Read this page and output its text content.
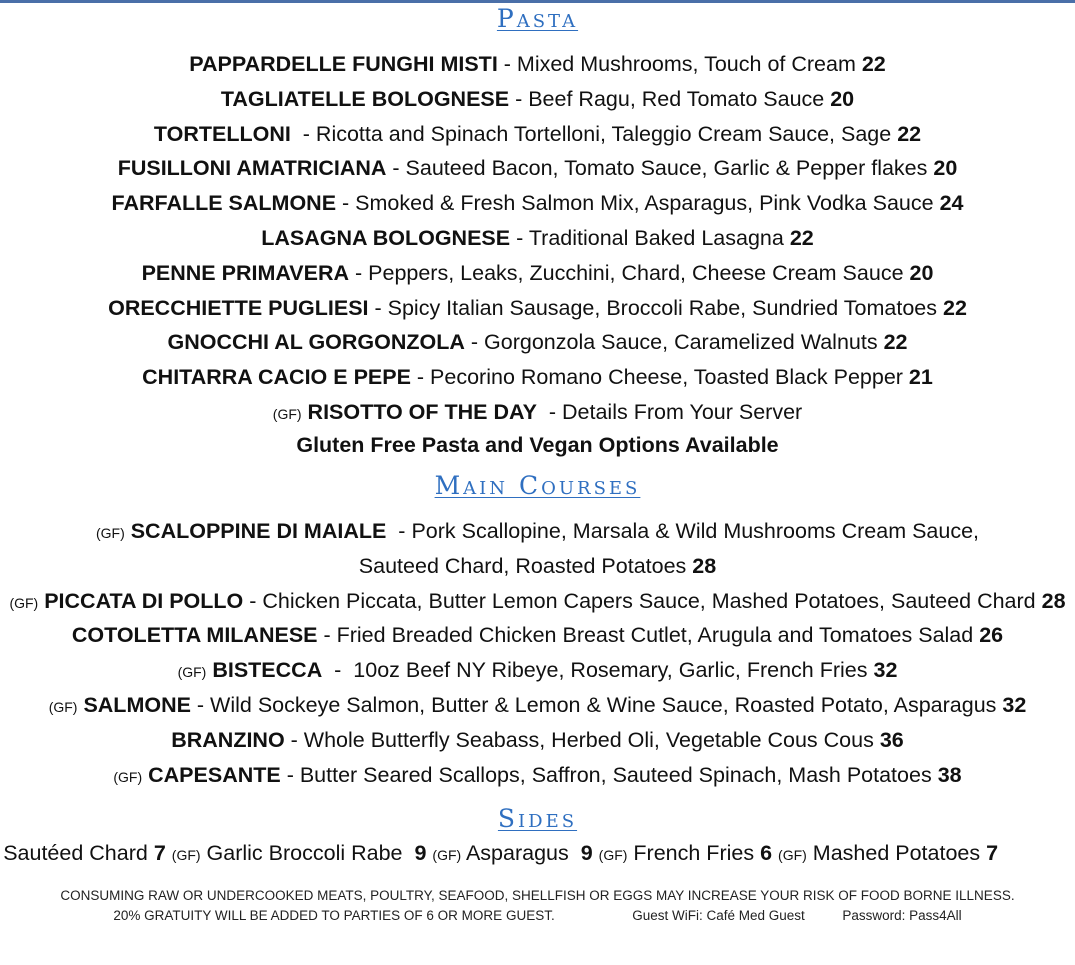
Pasta
PAPPARDELLE FUNGHI MISTI - Mixed Mushrooms, Touch of Cream 22
TAGLIATELLE BOLOGNESE - Beef Ragu, Red Tomato Sauce 20
TORTELLONI  - Ricotta and Spinach Tortelloni, Taleggio Cream Sauce, Sage 22
FUSILLONI AMATRICIANA - Sauteed Bacon, Tomato Sauce, Garlic & Pepper flakes 20
FARFALLE SALMONE - Smoked & Fresh Salmon Mix, Asparagus, Pink Vodka Sauce 24
LASAGNA BOLOGNESE - Traditional Baked Lasagna 22
PENNE PRIMAVERA - Peppers, Leaks, Zucchini, Chard, Cheese Cream Sauce 20
ORECCHIETTE PUGLIESI - Spicy Italian Sausage, Broccoli Rabe, Sundried Tomatoes 22
GNOCCHI AL GORGONZOLA - Gorgonzola Sauce, Caramelized Walnuts 22
CHITARRA CACIO E PEPE - Pecorino Romano Cheese, Toasted Black Pepper 21
(GF) RISOTTO OF THE DAY  - Details From Your Server
Gluten Free Pasta and Vegan Options Available
Main Courses
(GF) SCALOPPINE DI MAIALE  - Pork Scallopine, Marsala & Wild Mushrooms Cream Sauce,
Sauteed Chard, Roasted Potatoes 28
(GF) PICCATA DI POLLO - Chicken Piccata, Butter Lemon Capers Sauce, Mashed Potatoes, Sauteed Chard 28
COTOLETTA MILANESE - Fried Breaded Chicken Breast Cutlet, Arugula and Tomatoes Salad 26
(GF) BISTECCA  -  10oz Beef NY Ribeye, Rosemary, Garlic, French Fries 32
(GF) SALMONE - Wild Sockeye Salmon, Butter & Lemon & Wine Sauce, Roasted Potato, Asparagus 32
BRANZINO - Whole Butterfly Seabass, Herbed Oli, Vegetable Cous Cous 36
(GF) CAPESANTE - Butter Seared Scallops, Saffron, Sauteed Spinach, Mash Potatoes 38
Sides
Sautéed Chard 7 (GF) Garlic Broccoli Rabe  9 (GF) Asparagus  9 (GF) French Fries 6 (GF) Mashed Potatoes 7
CONSUMING RAW OR UNDERCOOKED MEATS, POULTRY, SEAFOOD, SHELLFISH OR EGGS MAY INCREASE YOUR RISK OF FOOD BORNE ILLNESS.
20% GRATUITY WILL BE ADDED TO PARTIES OF 6 OR MORE GUEST.	Guest WiFi: Café Med Guest	Password: Pass4All
